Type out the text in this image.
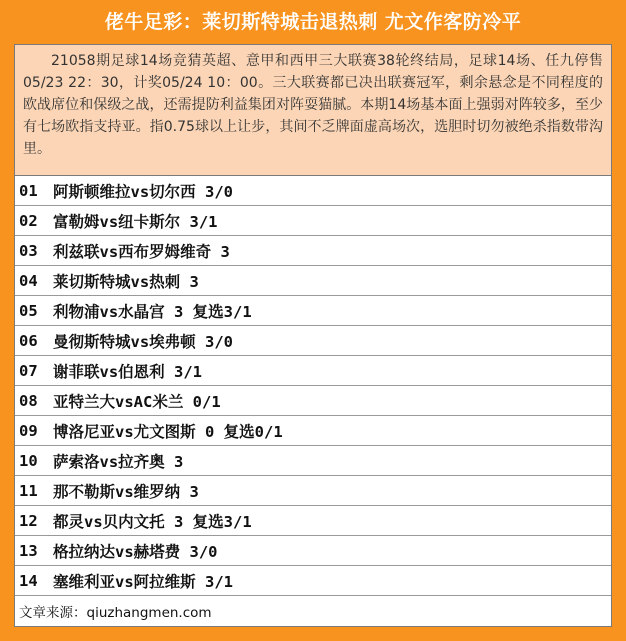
佬牛足彩：莱切斯特城击退热刺 尤文作客防冷平
21058期足球14场竞猜英超、意甲和西甲三大联赛38轮终结局，足球14场、任九停售05/23 22：30，计奖05/24 10：00。三大联赛都已决出联赛冠军，剩余悬念是不同程度的欧战席位和保级之战，还需提防利益集团对阵耍猫腻。本期14场基本面上强弱对阵较多，至少有七场欧指支持亚。指0.75球以上让步，其间不乏牌面虚高场次，选胆时切勿被绝杀指数带沟里。
01 阿斯顿维拉vs切尔西 3/0
02 富勒姆vs纽卡斯尔 3/1
03 利兹联vs西布罗姆维奇 3
04 莱切斯特城vs热刺 3
05 利物浦vs水晶宫 3 复选3/1
06 曼彻斯特城vs埃弗顿 3/0
07 谢菲联vs伯恩利 3/1
08 亚特兰大vsAC米兰 0/1
09 博洛尼亚vs尤文图斯 0 复选0/1
10 萨索洛vs拉齐奥 3
11 那不勒斯vs维罗纳 3
12 都灵vs贝内文托 3 复选3/1
13 格拉纳达vs赫塔费 3/0
14 塞维利亚vs阿拉维斯 3/1
文章来源：qiuzhangmen.com
